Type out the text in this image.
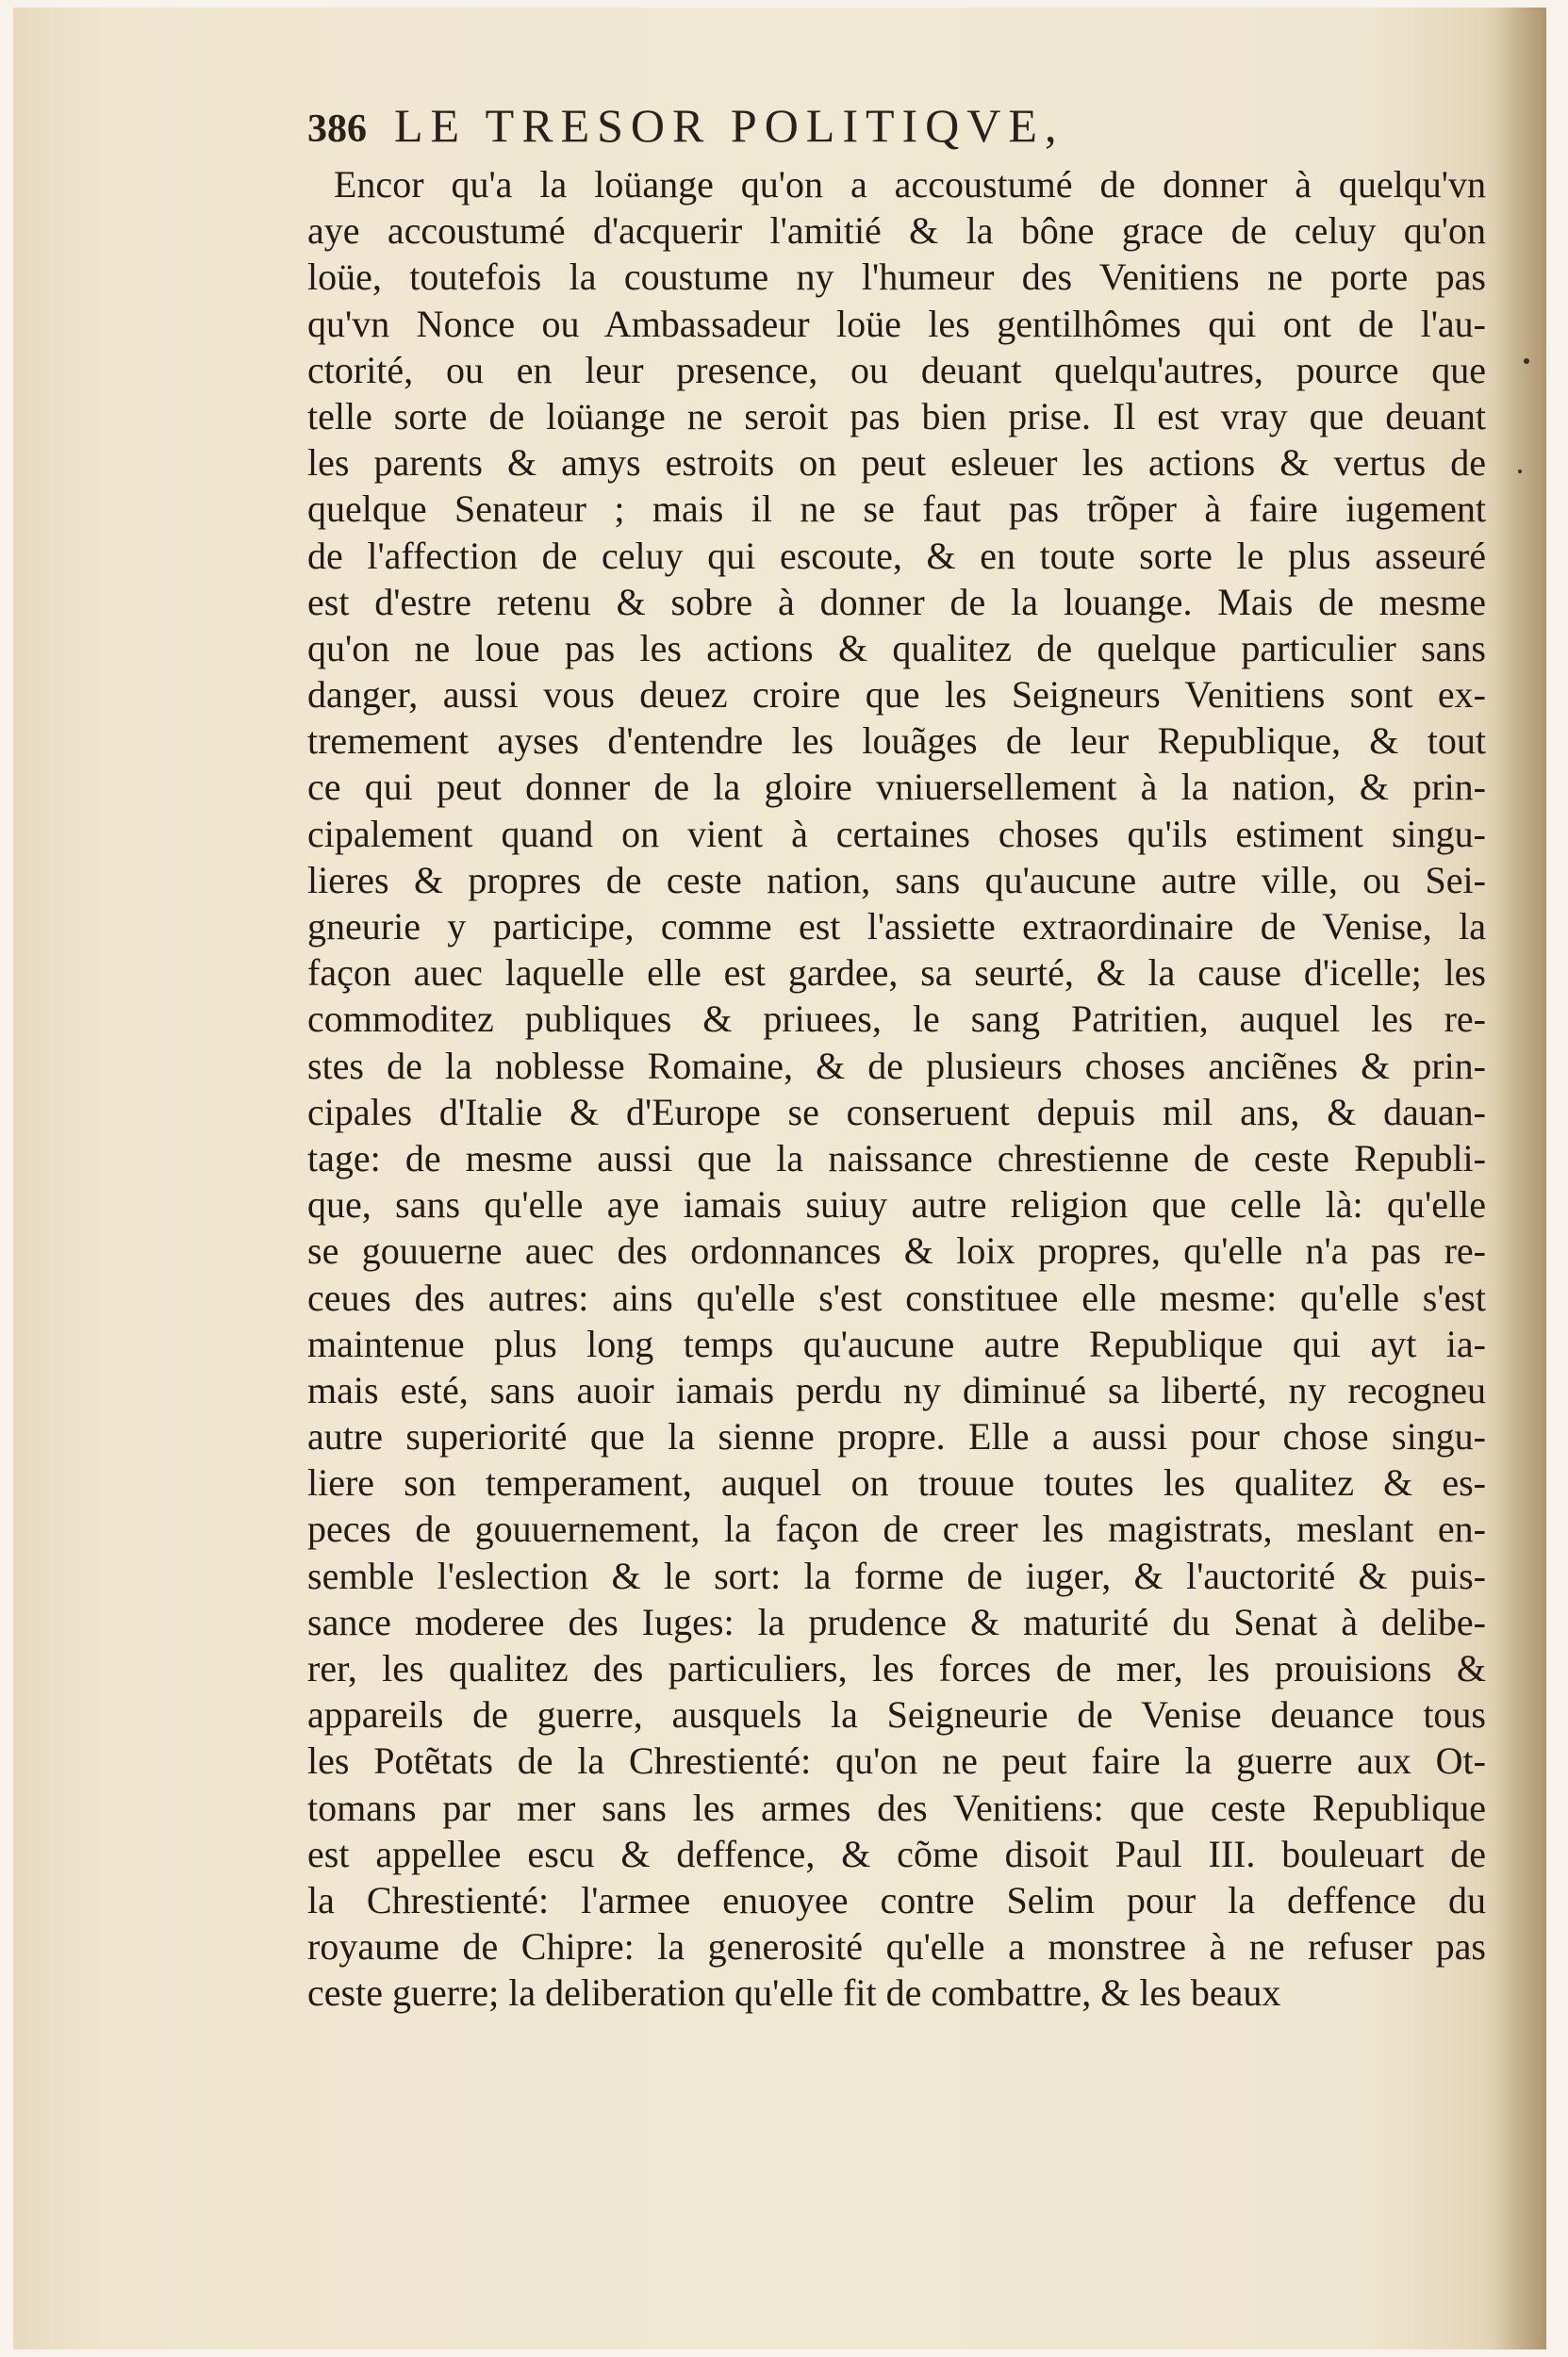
386 LE TRESOR POLITIQVE,
Encor qu'a la loüange qu'on a accoustumé de donner à quelqu'vn
aye accoustumé d'acquerir l'amitié & la bône grace de celuy qu'on
loüe, toutefois la coustume ny l'humeur des Venitiens ne porte pas
qu'vn Nonce ou Ambassadeur loüe les gentilhômes qui ont de l'au-
ctorité, ou en leur presence, ou deuant quelqu'autres, pource que
telle sorte de loüange ne seroit pas bien prise. Il est vray que deuant
les parents & amys estroits on peut esleuer les actions & vertus de
quelque Senateur ; mais il ne se faut pas trõper à faire iugement
de l'affection de celuy qui escoute, & en toute sorte le plus asseuré
est d'estre retenu & sobre à donner de la louange. Mais de mesme
qu'on ne loue pas les actions & qualitez de quelque particulier sans
danger, aussi vous deuez croire que les Seigneurs Venitiens sont ex-
tremement ayses d'entendre les louãges de leur Republique, & tout
ce qui peut donner de la gloire vniuersellement à la nation, & prin-
cipalement quand on vient à certaines choses qu'ils estiment singu-
lieres & propres de ceste nation, sans qu'aucune autre ville, ou Sei-
gneurie y participe, comme est l'assiette extraordinaire de Venise, la
façon auec laquelle elle est gardee, sa seurté, & la cause d'icelle; les
commoditez publiques & priuees, le sang Patritien, auquel les re-
stes de la noblesse Romaine, & de plusieurs choses anciẽnes & prin-
cipales d'Italie & d'Europe se conseruent depuis mil ans, & dauan-
tage: de mesme aussi que la naissance chrestienne de ceste Republi-
que, sans qu'elle aye iamais suiuy autre religion que celle là: qu'elle
se gouuerne auec des ordonnances & loix propres, qu'elle n'a pas re-
ceues des autres: ains qu'elle s'est constituee elle mesme: qu'elle s'est
maintenue plus long temps qu'aucune autre Republique qui ayt ia-
mais esté, sans auoir iamais perdu ny diminué sa liberté, ny recogneu
autre superiorité que la sienne propre. Elle a aussi pour chose singu-
liere son temperament, auquel on trouue toutes les qualitez & es-
peces de gouuernement, la façon de creer les magistrats, meslant en-
semble l'eslection & le sort: la forme de iuger, & l'auctorité & puis-
sance moderee des Iuges: la prudence & maturité du Senat à delibe-
rer, les qualitez des particuliers, les forces de mer, les prouisions &
appareils de guerre, ausquels la Seigneurie de Venise deuance tous
les Potẽtats de la Chrestienté: qu'on ne peut faire la guerre aux Ot-
tomans par mer sans les armes des Venitiens: que ceste Republique
est appellee escu & deffence, & cõme disoit Paul III. bouleuart de
la Chrestienté: l'armee enuoyee contre Selim pour la deffence du
royaume de Chipre: la generosité qu'elle a monstree à ne refuser pas
ceste guerre; la deliberation qu'elle fit de combattre, & les beaux
